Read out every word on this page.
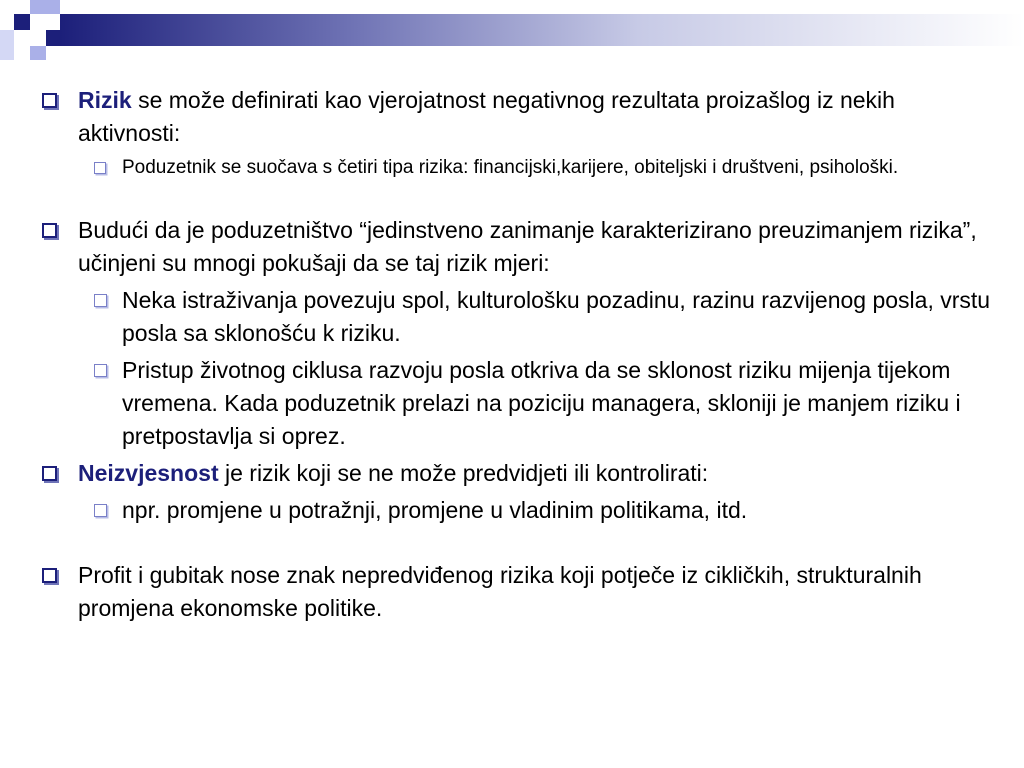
Rizik se može definirati kao vjerojatnost negativnog rezultata proizašlog iz nekih aktivnosti:
Poduzetnik se suočava s četiri tipa rizika: financijski,karijere, obiteljski i društveni, psihološki.
Budući da je poduzetništvo “jedinstveno zanimanje karakterizirano preuzimanjem rizika”, učinjeni su mnogi pokušaji da se taj rizik mjeri:
Neka istraživanja povezuju spol, kulturološku pozadinu, razinu razvijenog posla, vrstu posla sa sklonošću k riziku.
Pristup životnog ciklusa razvoju posla otkriva da se sklonost riziku mijenja tijekom vremena. Kada poduzetnik prelazi na poziciju managera, skloniji je manjem riziku i pretpostavlja si oprez.
Neizvjesnost je rizik koji se ne može predvidjeti ili kontrolirati:
npr. promjene u potražnji, promjene u vladinim politikama, itd.
Profit i gubitak nose znak nepredviđenog rizika koji potječe iz cikličkih, strukturalnih promjena ekonomske politike.
